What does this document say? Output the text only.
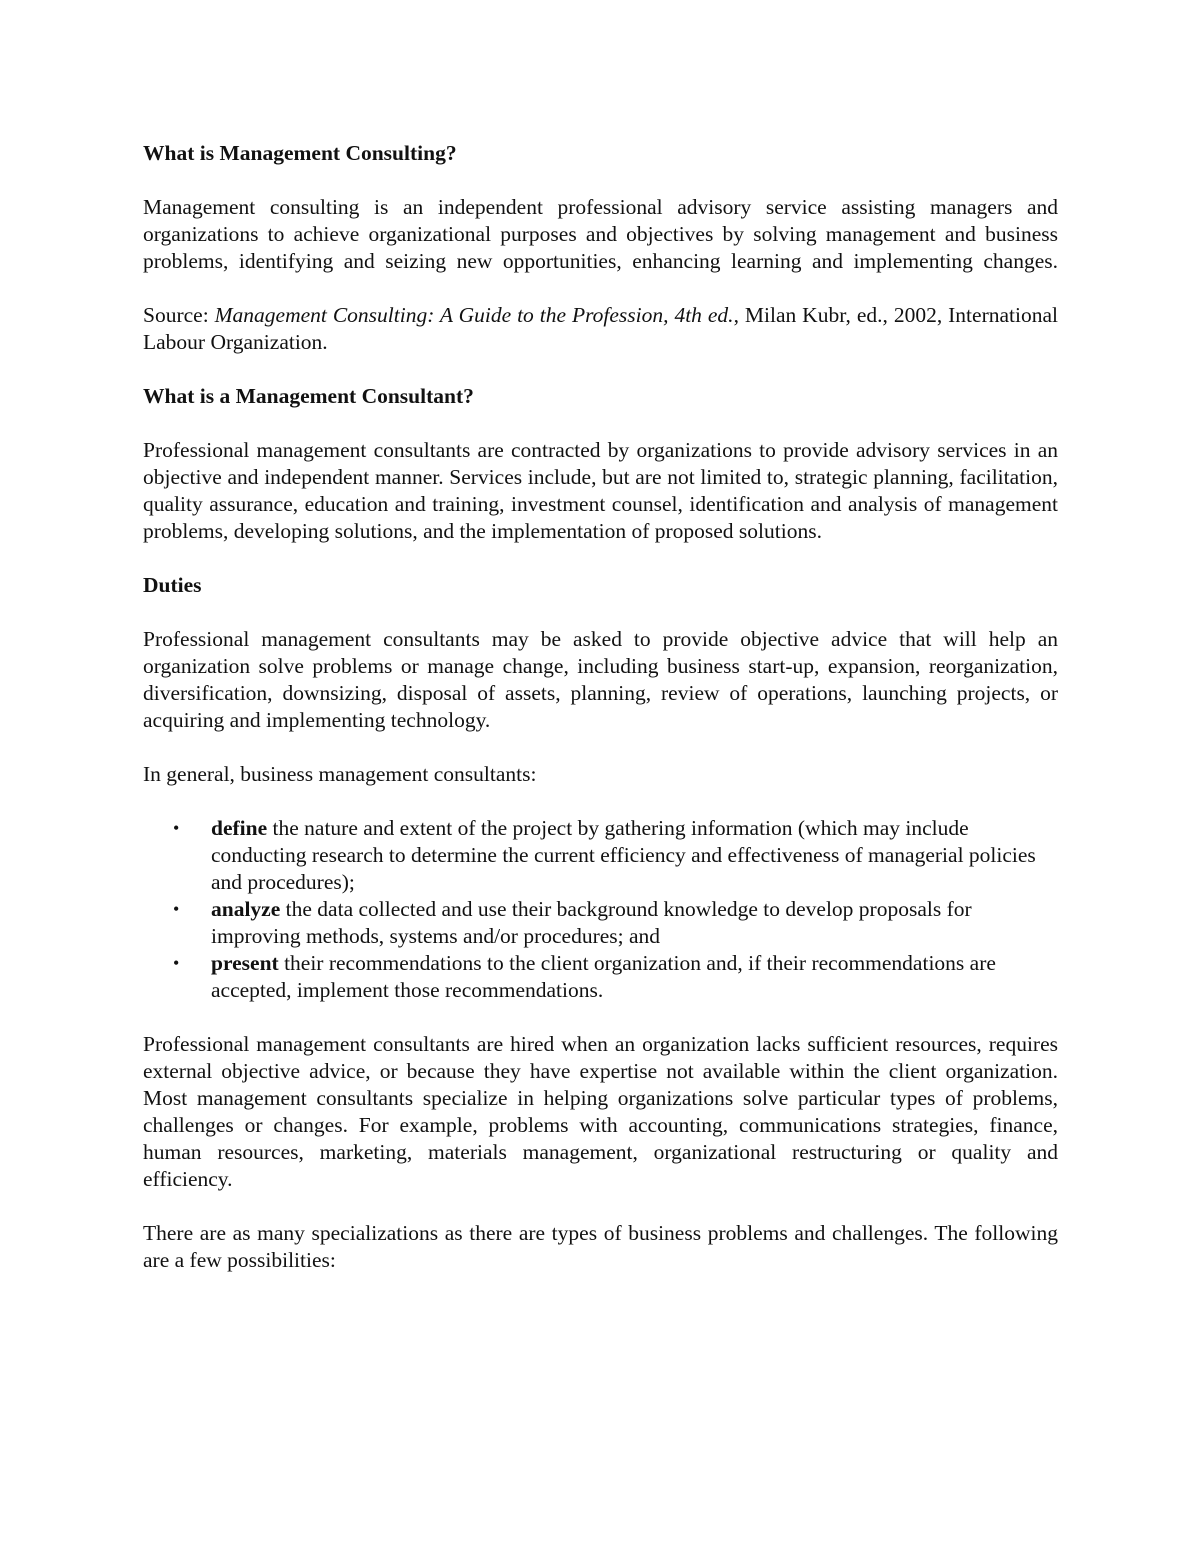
What is Management Consulting?

Management consulting is an independent professional advisory service assisting managers and organizations to achieve organizational purposes and objectives by solving management and business problems, identifying and seizing new opportunities, enhancing learning and implementing changes.

Source: Management Consulting: A Guide to the Profession, 4th ed., Milan Kubr, ed., 2002, International Labour Organization.

What is a Management Consultant?

Professional management consultants are contracted by organizations to provide advisory services in an objective and independent manner. Services include, but are not limited to, strategic planning, facilitation, quality assurance, education and training, investment counsel, identification and analysis of management problems, developing solutions, and the implementation of proposed solutions.

Duties

Professional management consultants may be asked to provide objective advice that will help an organization solve problems or manage change, including business start-up, expansion, reorganization, diversification, downsizing, disposal of assets, planning, review of operations, launching projects, or acquiring and implementing technology.

In general, business management consultants:

• define the nature and extent of the project by gathering information (which may include conducting research to determine the current efficiency and effectiveness of managerial policies and procedures);
• analyze the data collected and use their background knowledge to develop proposals for improving methods, systems and/or procedures; and
• present their recommendations to the client organization and, if their recommendations are accepted, implement those recommendations.

Professional management consultants are hired when an organization lacks sufficient resources, requires external objective advice, or because they have expertise not available within the client organization. Most management consultants specialize in helping organizations solve particular types of problems, challenges or changes. For example, problems with accounting, communications strategies, finance, human resources, marketing, materials management, organizational restructuring or quality and efficiency.

There are as many specializations as there are types of business problems and challenges. The following are a few possibilities:
